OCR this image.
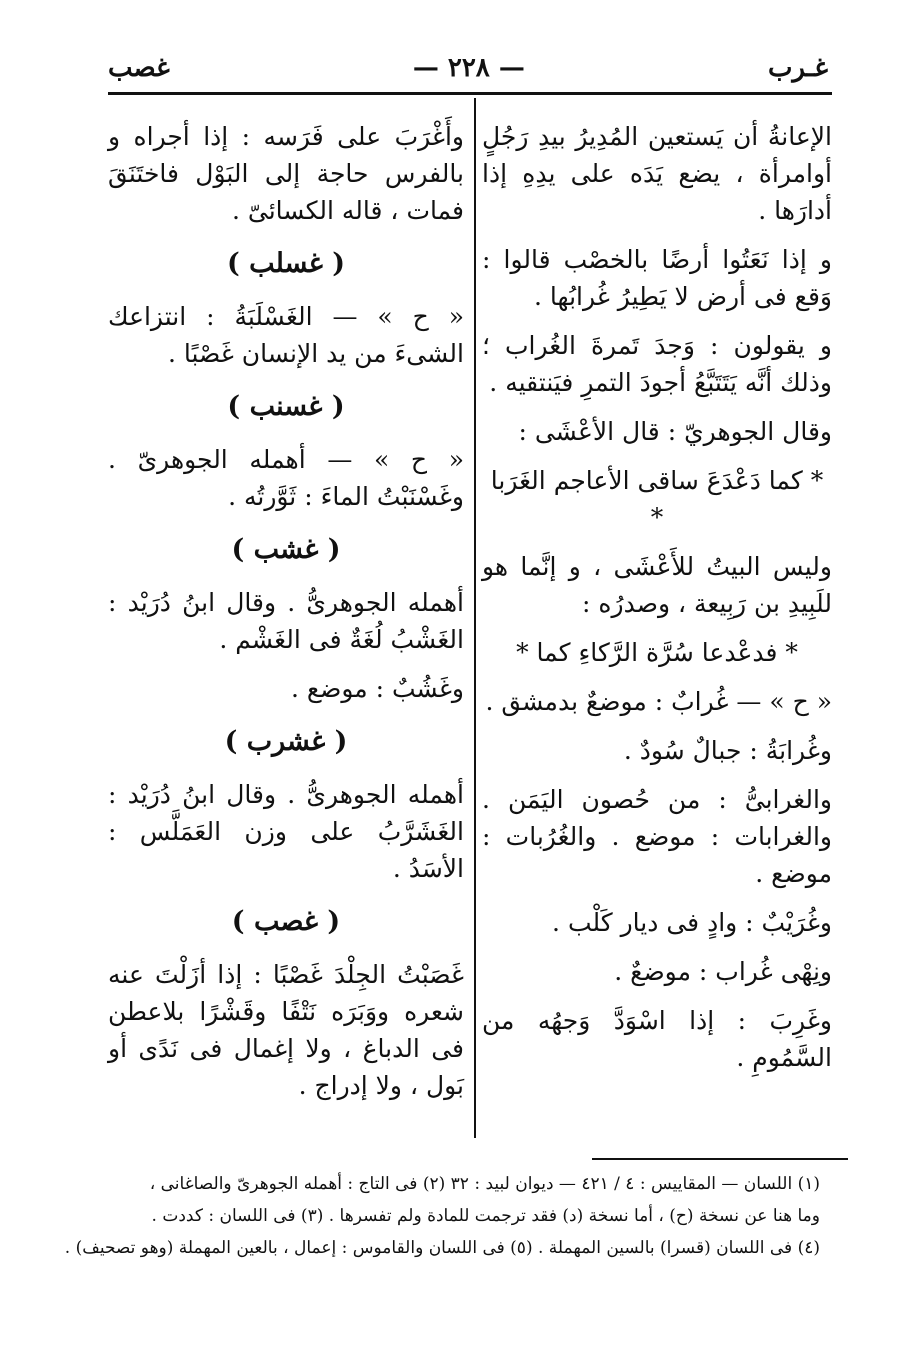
غـرب
— ٢٢٨ —
غصب

الإعانةُ أن يَستعين المُدِيرُ بيدِ رَجُلٍ أوامرأة ، يضع يَدَه على يدِهِ إذا أدارَها .

و إذا نَعَتُوا أرضًا بالخصْب قالوا : وَقع فى أرض لا يَطِيرُ غُرابُها .

و يقولون : وَجدَ تَمرةَ الغُراب ؛ وذلك أنَّه يَتَتَبَّعُ أجودَ التمرِ فيَنتقيه .

وقال الجوهريّ : قال الأعْشَى :

* كما دَعْدَعَ ساقى الأعاجم الغَرَبا *

وليس البيتُ للأَعْشَى ، و إنَّما هو للَبِيدِ بن رَبِيعة ، وصدرُه :

* فدعْدعا سُرَّة الرَّكاءِ كما *

« ح » — غُرابٌ : موضعٌ بدمشق .

وغُرابَةُ : جبالٌ سُودٌ .

والغرابىُّ : من حُصون اليَمَن . والغرابات : موضع . والغُرُبات : موضع .

وغُرَيْبٌ : وادٍ فى ديار كَلْب .

ونِهْى غُراب : موضعٌ .

وغَرِبَ : إذا اسْوَدَّ وَجهُه من السَّمُومِ .

وأَغْرَبَ على فَرَسه : إذا أجراه و بالفرس حاجة إلى البَوْل فاختَنَقَ فمات ، قاله الكسائىّ .

( غسلب )

« ح » — الغَسْلَبَةُ : انتزاعك الشىءَ من يد الإنسان غَصْبًا .

( غسنب )

« ح » — أهمله الجوهرىّ . وغَسْنَبْتُ الماءَ : ثَوَّرتُه .

( غشب )

أهمله الجوهرىُّ . وقال ابنُ دُرَيْد : الغَشْبُ لُغَةٌ فى الغَشْم .

وغَشُبٌ : موضع .

( غشرب )

أهمله الجوهرىُّ . وقال ابنُ دُرَيْد : الغَشَرَّبُ على وزن العَمَلَّس : الأسَدُ .

( غصب )

غَصَبْتُ الجِلْدَ غَصْبًا : إذا أزَلْتَ عنه شعره ووَبَرَه نَتْفًا وقَشْرًا بلاعطن فى الدباغ ، ولا إغمال فى نَدًى أو بَول ، ولا إدراج .

(١) اللسان — المقاييس : ٤ / ٤٢١ — ديوان لبيد : ٣٢ (٢) فى التاج : أهمله الجوهرىّ والصاغانى ،
وما هنا عن نسخة (ح) ، أما نسخة (د) فقد ترجمت للمادة ولم تفسرها . (٣) فى اللسان : كددت .
(٤) فى اللسان (قسرا) بالسين المهملة . (٥) فى اللسان والقاموس : إعمال ، بالعين المهملة (وهو تصحيف) .
